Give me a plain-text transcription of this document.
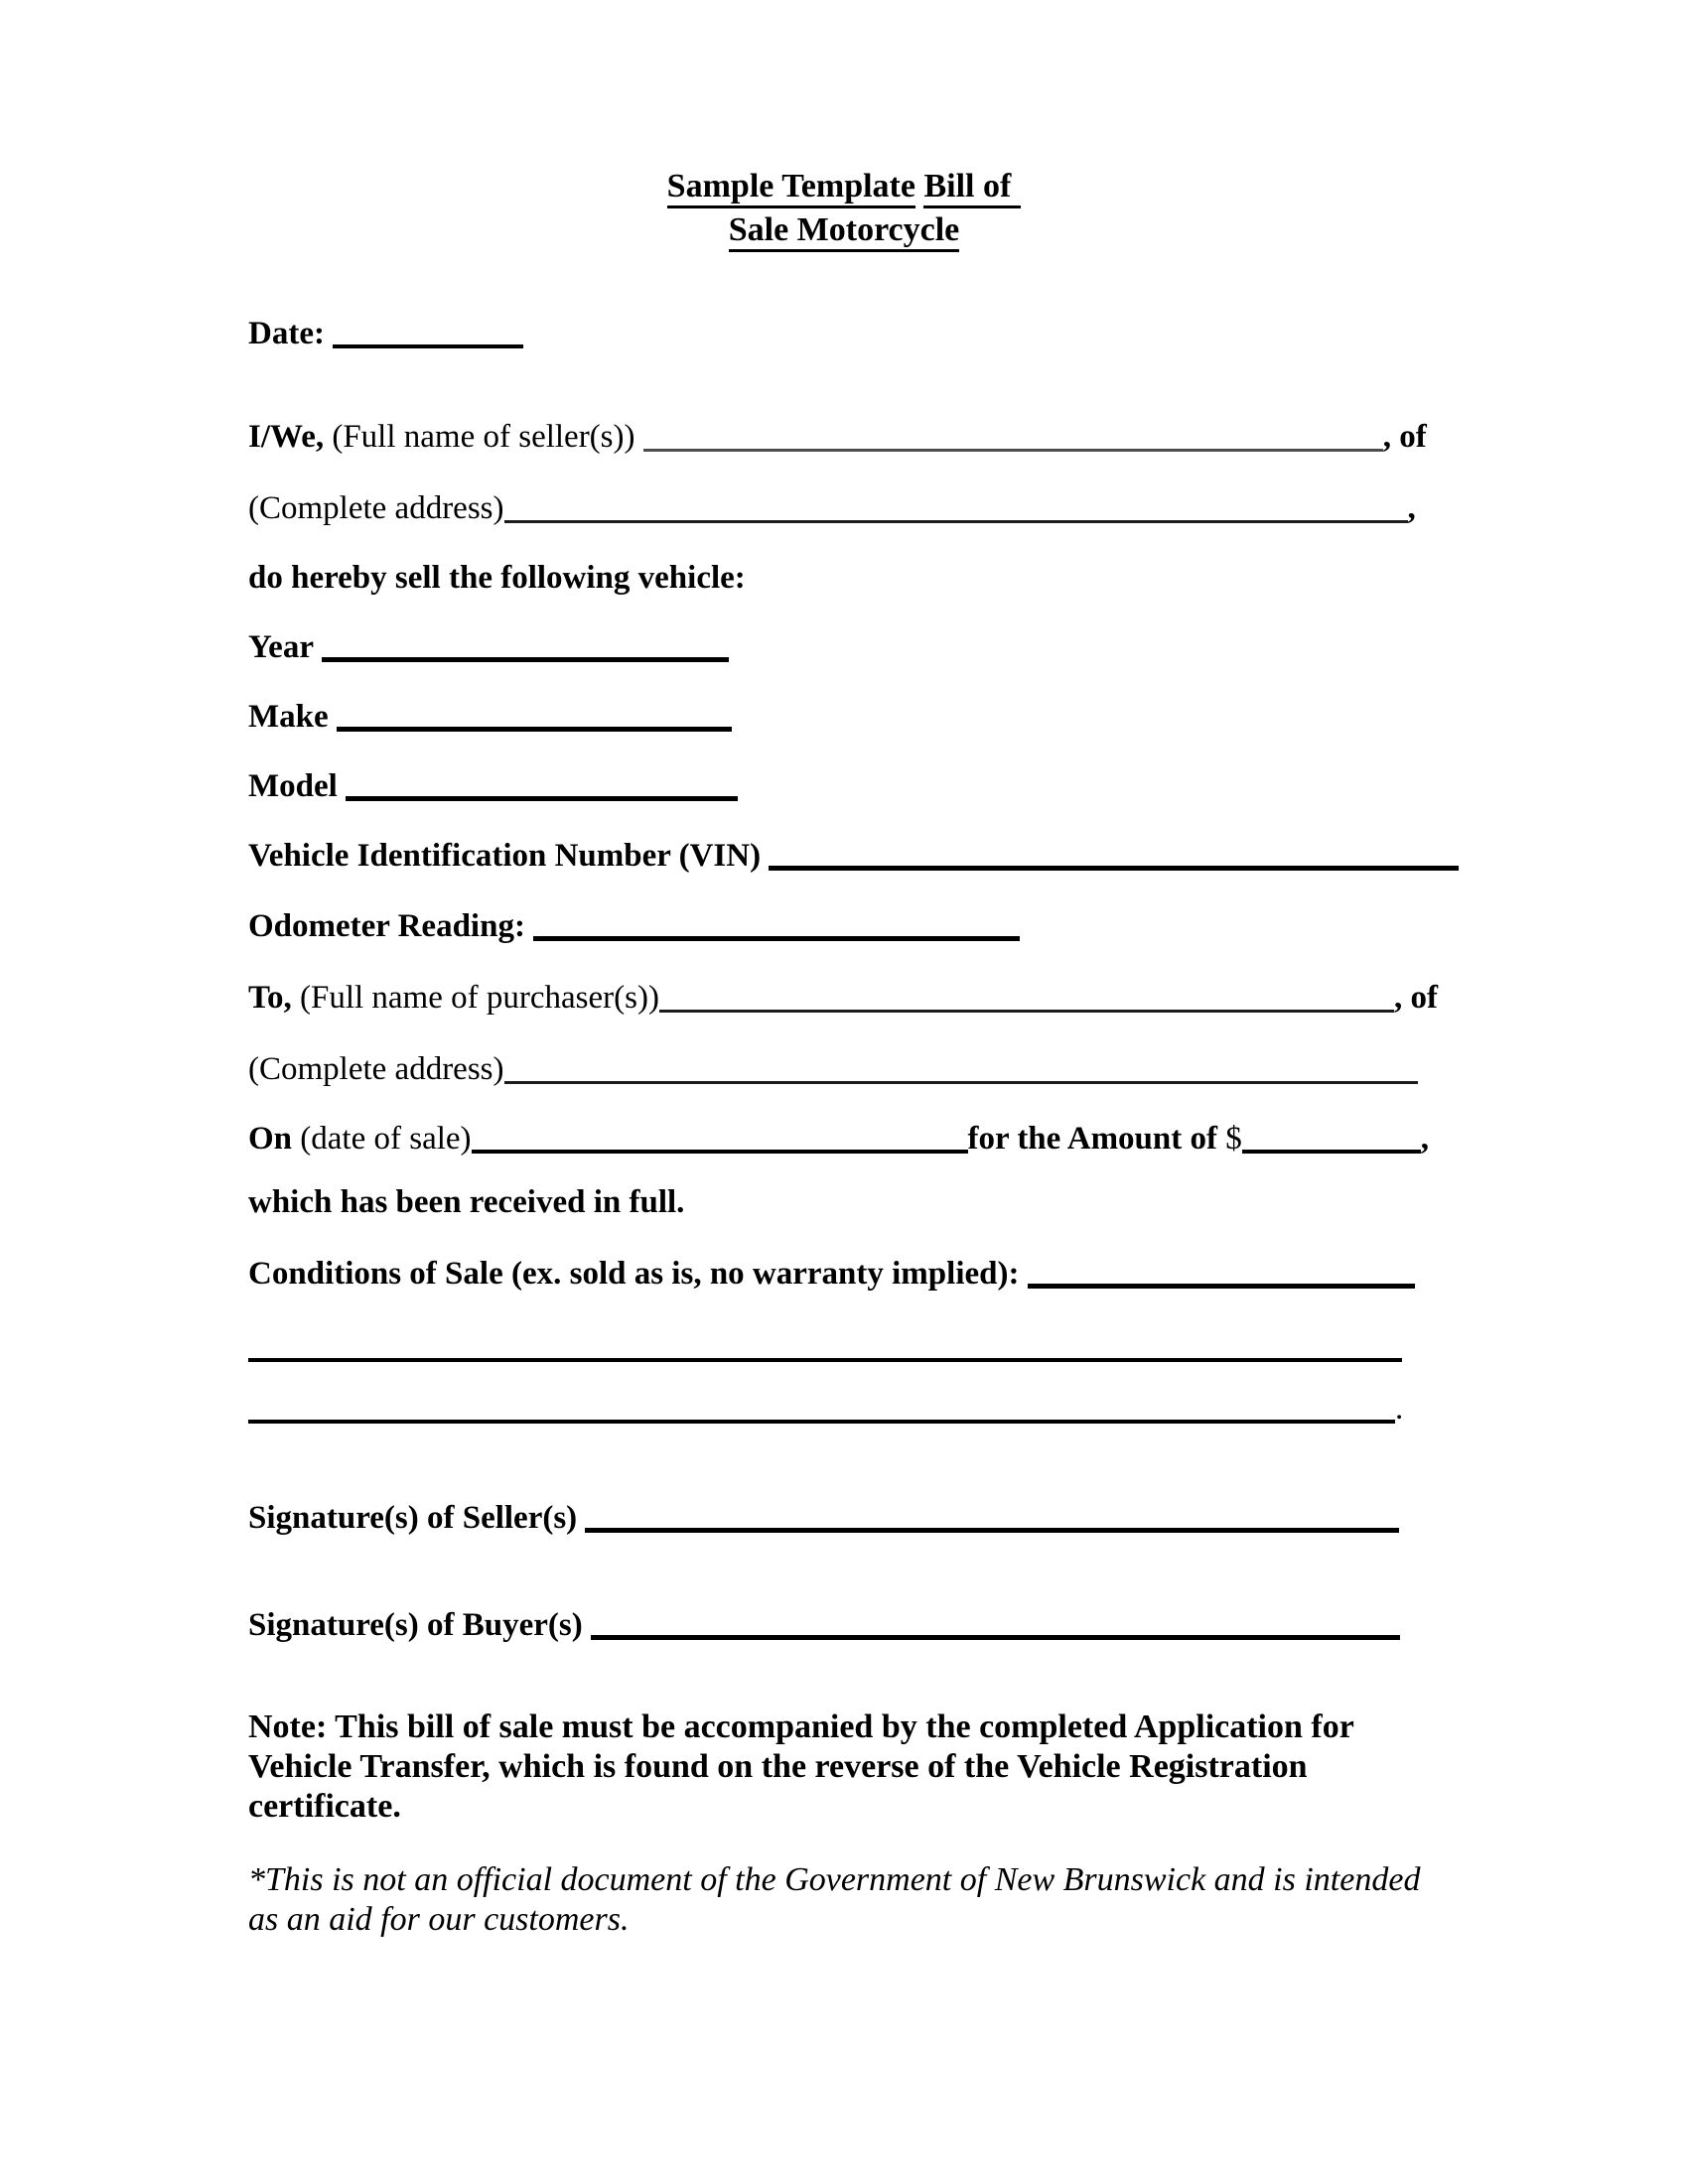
Sample Template Bill of
Sale Motorcycle
Date:
I/We, (Full name of seller(s))	, of
(Complete address)	,
do hereby sell the following vehicle:
Year
Make
Model
Vehicle Identification Number (VIN)
Odometer Reading:
To, (Full name of purchaser(s))	, of
(Complete address)
On (date of sale)	for the Amount of $	,
which has been received in full.
Conditions of Sale (ex. sold as is, no warranty implied):
.
Signature(s) of Seller(s)
Signature(s) of Buyer(s)
Note: This bill of sale must be accompanied by the completed Application for Vehicle Transfer, which is found on the reverse of the Vehicle Registration certificate.
*This is not an official document of the Government of New Brunswick and is intended as an aid for our customers.
